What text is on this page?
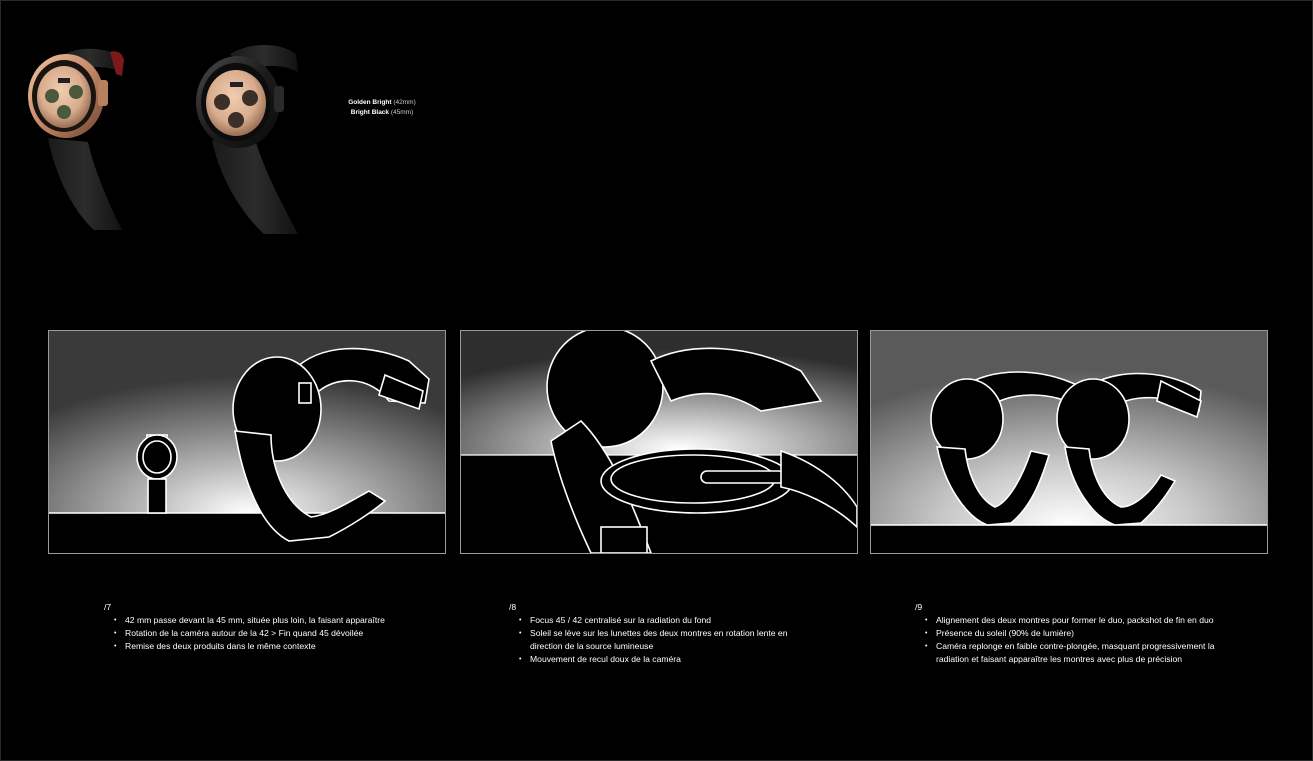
Golden Bright (42mm)
Bright Black (45mm)
/7
• 42 mm passe devant la 45 mm, située plus loin, la faisant apparaître
• Rotation de la caméra autour de la 42 > Fin quand 45 dévoilée
• Remise des deux produits dans le même contexte
/8
• Focus 45 / 42 centralisé sur la radiation du fond
• Soleil se lève sur les lunettes des deux montres en rotation lente en direction de la source lumineuse
• Mouvement de recul doux de la caméra
/9
• Alignement des deux montres pour former le duo, packshot de fin en duo
• Présence du soleil (90% de lumière)
• Caméra replonge en faible contre-plongée, masquant progressivement la radiation et faisant apparaître les montres avec plus de précision
